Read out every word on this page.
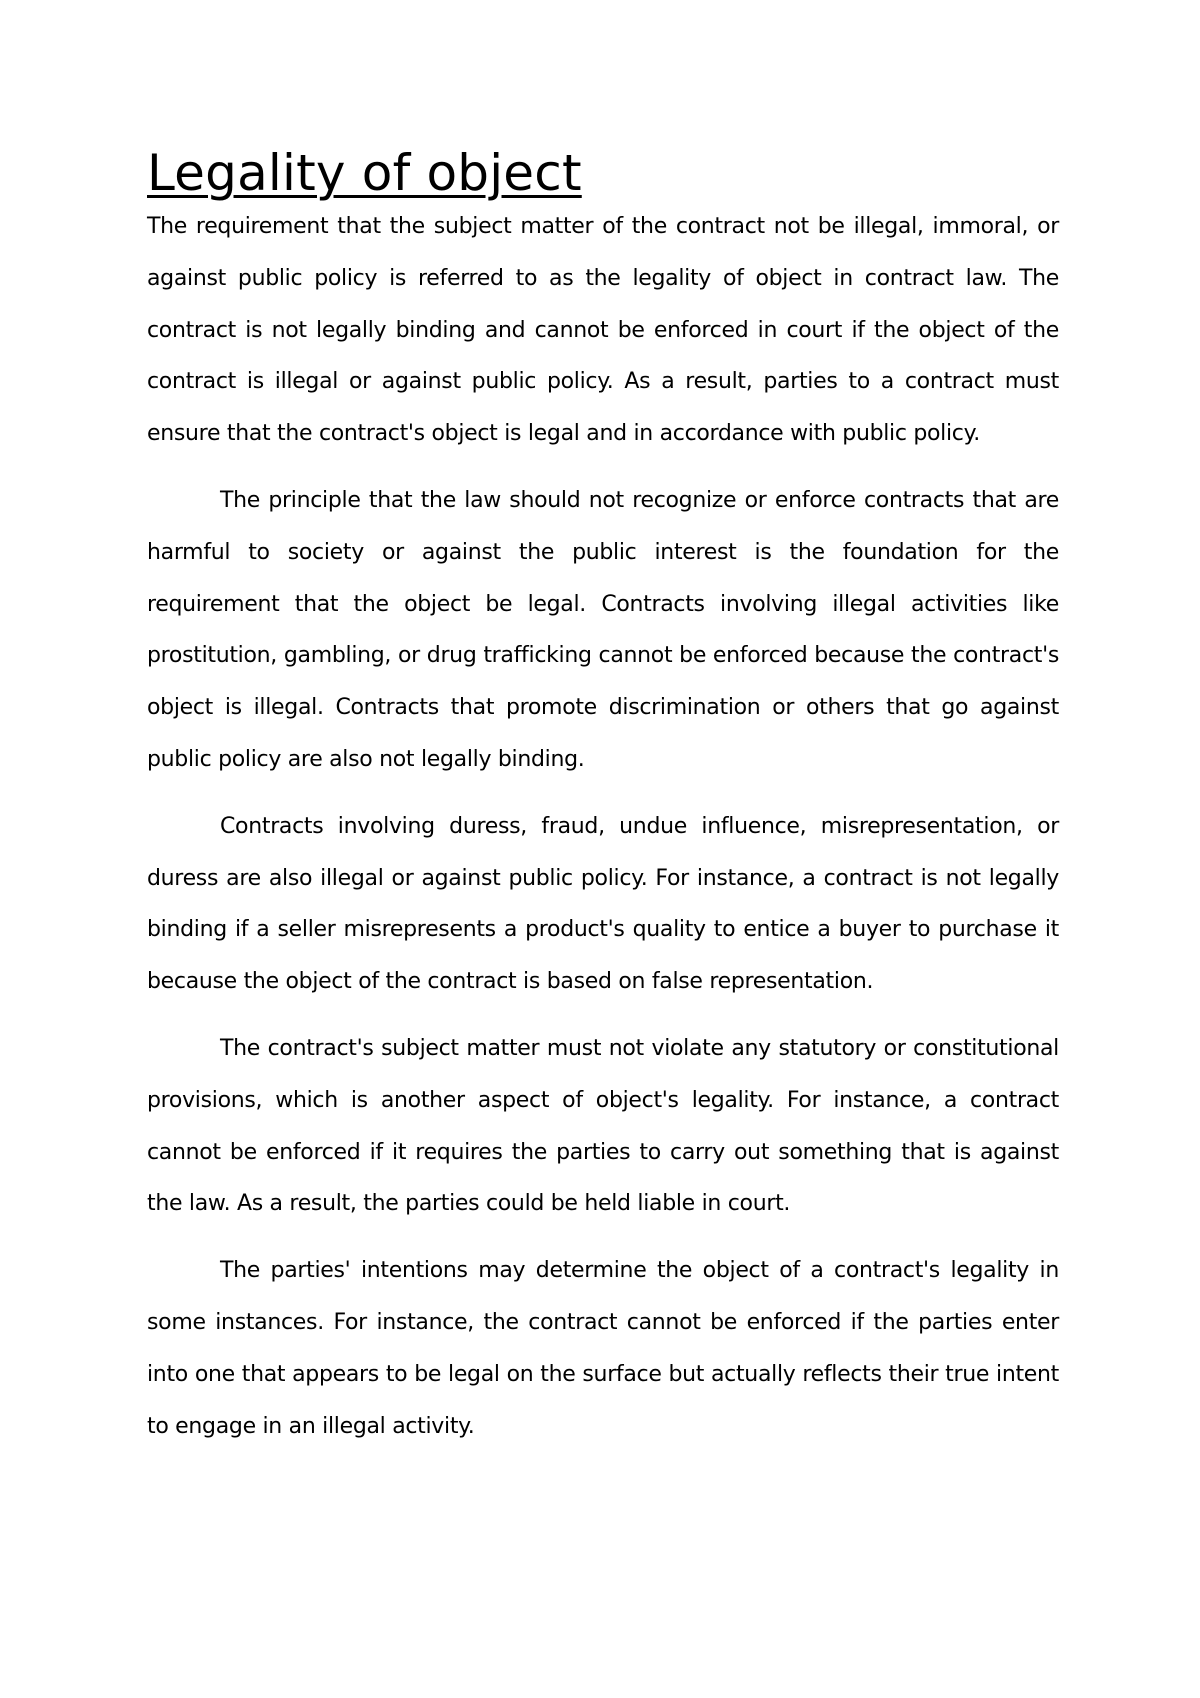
Legality of object

The requirement that the subject matter of the contract not be illegal, immoral, or against public policy is referred to as the legality of object in contract law. The contract is not legally binding and cannot be enforced in court if the object of the contract is illegal or against public policy. As a result, parties to a contract must ensure that the contract's object is legal and in accordance with public policy.

The principle that the law should not recognize or enforce contracts that are harmful to society or against the public interest is the foundation for the requirement that the object be legal. Contracts involving illegal activities like prostitution, gambling, or drug trafficking cannot be enforced because the contract's object is illegal. Contracts that promote discrimination or others that go against public policy are also not legally binding.

Contracts involving duress, fraud, undue influence, misrepresentation, or duress are also illegal or against public policy. For instance, a contract is not legally binding if a seller misrepresents a product's quality to entice a buyer to purchase it because the object of the contract is based on false representation.

The contract's subject matter must not violate any statutory or constitutional provisions, which is another aspect of object's legality. For instance, a contract cannot be enforced if it requires the parties to carry out something that is against the law. As a result, the parties could be held liable in court.

The parties' intentions may determine the object of a contract's legality in some instances. For instance, the contract cannot be enforced if the parties enter into one that appears to be legal on the surface but actually reflects their true intent to engage in an illegal activity.
